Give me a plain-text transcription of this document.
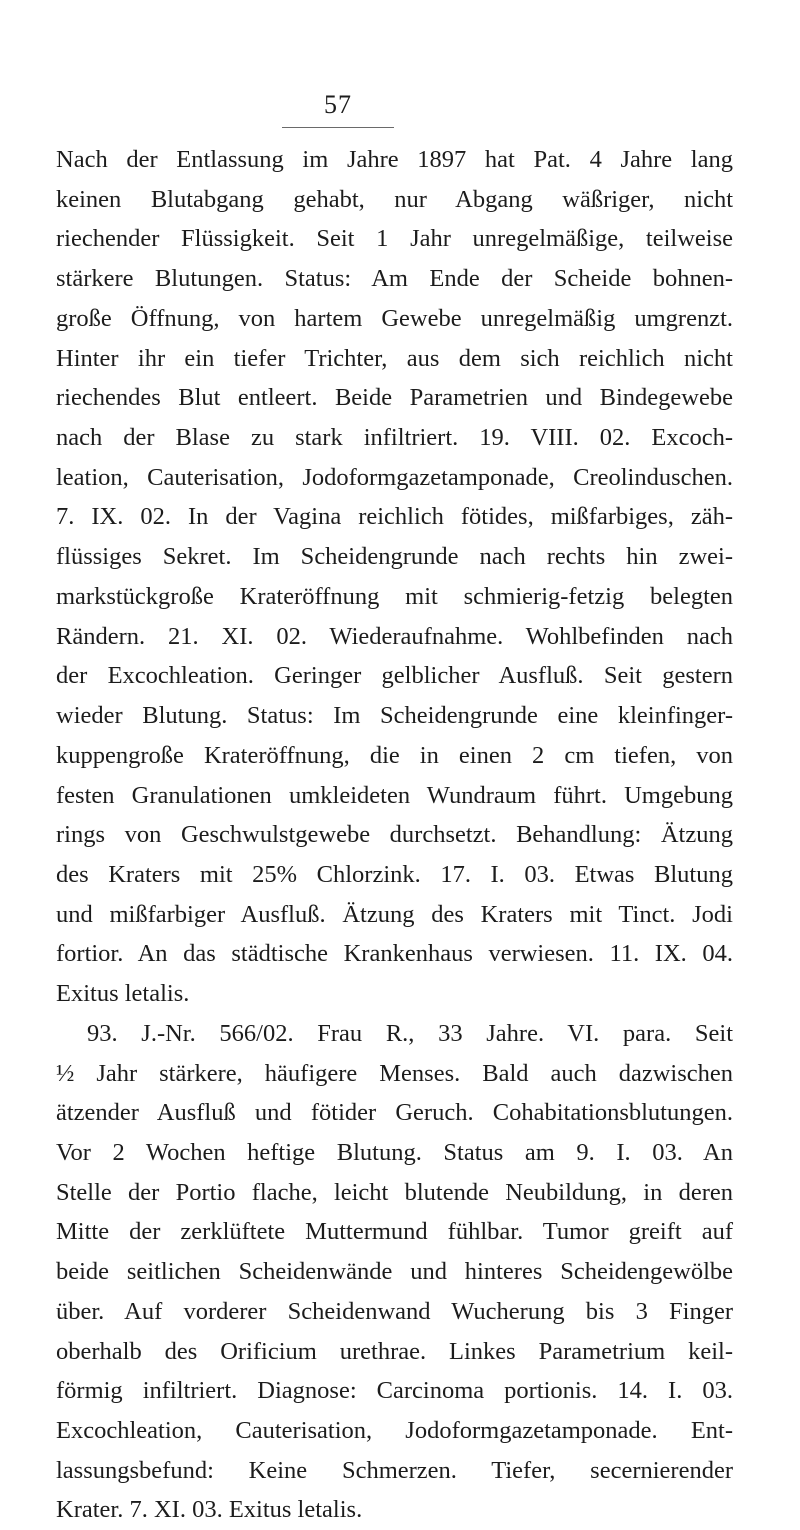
57
Nach der Entlassung im Jahre 1897 hat Pat. 4 Jahre lang
keinen Blutabgang gehabt, nur Abgang wäßriger, nicht
riechender Flüssigkeit. Seit 1 Jahr unregelmäßige, teilweise
stärkere Blutungen. Status: Am Ende der Scheide bohnen-
große Öffnung, von hartem Gewebe unregelmäßig umgrenzt.
Hinter ihr ein tiefer Trichter, aus dem sich reichlich nicht
riechendes Blut entleert. Beide Parametrien und Bindegewebe
nach der Blase zu stark infiltriert. 19. VIII. 02. Excoch-
leation, Cauterisation, Jodoformgazetamponade, Creolinduschen.
7. IX. 02. In der Vagina reichlich fötides, mißfarbiges, zäh-
flüssiges Sekret. Im Scheidengrunde nach rechts hin zwei-
markstückgroße Krateröffnung mit schmierig-fetzig belegten
Rändern. 21. XI. 02. Wiederaufnahme. Wohlbefinden nach
der Excochleation. Geringer gelblicher Ausfluß. Seit gestern
wieder Blutung. Status: Im Scheidengrunde eine kleinfinger-
kuppengroße Krateröffnung, die in einen 2 cm tiefen, von
festen Granulationen umkleideten Wundraum führt. Umgebung
rings von Geschwulstgewebe durchsetzt. Behandlung: Ätzung
des Kraters mit 25% Chlorzink. 17. I. 03. Etwas Blutung
und mißfarbiger Ausfluß. Ätzung des Kraters mit Tinct. Jodi
fortior. An das städtische Krankenhaus verwiesen. 11. IX. 04.
Exitus letalis.
93. J.-Nr. 566/02. Frau R., 33 Jahre. VI. para. Seit
½ Jahr stärkere, häufigere Menses. Bald auch dazwischen
ätzender Ausfluß und fötider Geruch. Cohabitationsblutungen.
Vor 2 Wochen heftige Blutung. Status am 9. I. 03. An
Stelle der Portio flache, leicht blutende Neubildung, in deren
Mitte der zerklüftete Muttermund fühlbar. Tumor greift auf
beide seitlichen Scheidenwände und hinteres Scheidengewölbe
über. Auf vorderer Scheidenwand Wucherung bis 3 Finger
oberhalb des Orificium urethrae. Linkes Parametrium keil-
förmig infiltriert. Diagnose: Carcinoma portionis. 14. I. 03.
Excochleation, Cauterisation, Jodoformgazetamponade. Ent-
lassungsbefund: Keine Schmerzen. Tiefer, secernierender
Krater. 7. XI. 03. Exitus letalis.
